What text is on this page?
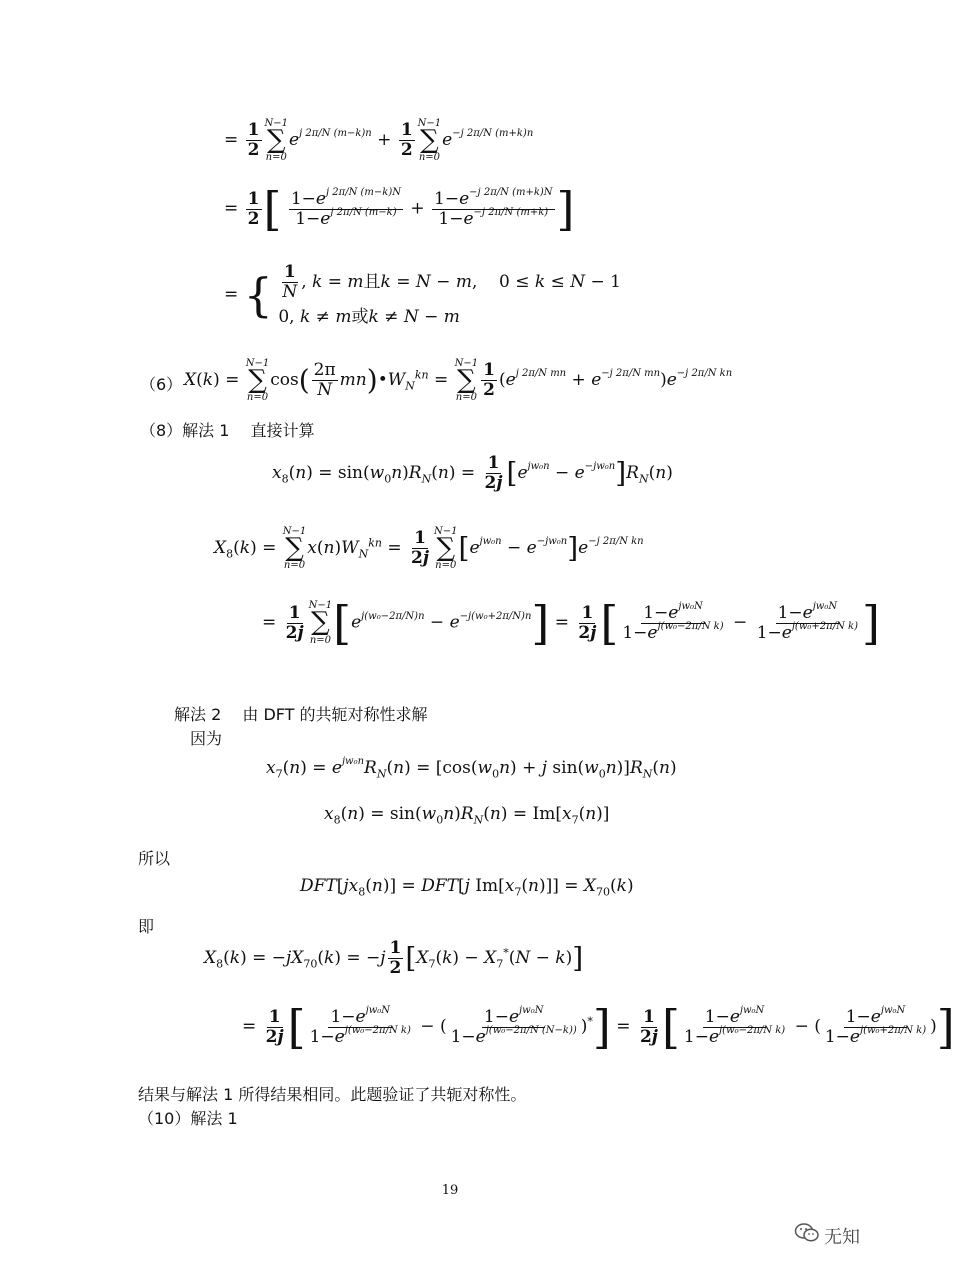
= $\frac{1}{2} N-1$
∑
n=0
$e^{j 2\pi/N (m-k)n} + \frac{1}{2} N-1$
∑
n=0
$e^{-j 2\pi/N (m+k)n}$
= $\frac{1}{2}$ [ $\frac{1-e^{j 2\pi/N (m-k)N}}{1-e^{j 2\pi/N (m-k)}} + \frac{1-e^{-j 2\pi/N (m+k)N}}{1-e^{-j 2\pi/N (m+k)}}$ ]
= { $\frac{1}{N}$ , k = m且k = N − m,    0 ≤ k ≤ N − 1
0, k ≠ m或k ≠ N − m
（6） X(k) =
N−1
∑
n=0
$\cos( \frac{2\pi}{N}$ $mn)•W_N^{kn}$ =
N−1
∑
$n=0 \frac{1}{2} (e^{j 2\pi/N mn} + e^{-j 2\pi/N mn})e^{-j 2\pi/N kn}$
（8）解法 1　 直接计算
$x_8(n) = \sin(w_0n)R_N(n) = \frac{1}{2j} [e^{jw_0n} - e^{-jw_0n}]R_N(n)$
$X_8(k)$ =
N−1
∑
n=0
$x(n)W_N^{kn} = \frac{1}{2j} N-1$
∑
n=0
$[e^{jw_0n} - e^{-jw_0n}]e^{-j 2\pi/N kn}$
= $\frac{1}{2j} N-1$
∑
n=0 $[e^{j(w_0-2\pi/N)n} - e^{-j(w_0+2\pi/N)n}] = \frac{1}{2j}$ [ $\frac{1-e^{jw_0N}}{1-e^{j(w_0-2\pi/N k)}} - \frac{1-e^{jw_0N}}{1-e^{j(w_0+2\pi/N k)}}$ ]
解法 2　 由 DFT 的共轭对称性求解
因为
$x_7(n) = e^{jw_0n}R_N(n) = [\cos(w_0n) + j$ $\sin(w_0n)]R_N(n)$
$x_8(n) = \sin(w_0n)R_N(n) = Im[x_7(n)]$
所以
$DFT[jx_8(n)] = DFT[j$ $Im[x_7(n)]] = X_{70}(k)$
即
$X_8(k) = -jX_{70}(k) = -j \frac{1}{2} [X_7(k) - X_7^*(N - k)]$
= $\frac{1}{2j}$ [ $\frac{1-e^{jw_0N}}{1-e^{j(w_0-2\pi/N k)}}$ − ( $\frac{1-e^{jw_0N}}{1-e^{j(w_0-2\pi/N (N-k))}} )^*] = \frac{1}{2j}$ [ $\frac{1-e^{jw_0N}}{1-e^{j(w_0-2\pi/N k)}}$ − ( $\frac{1-e^{jw_0N}}{1-e^{j(w_0+2\pi/N k)}}$ )]
结果与解法 1 所得结果相同。此题验证了共轭对称性。
（10）解法 1
19
无知
